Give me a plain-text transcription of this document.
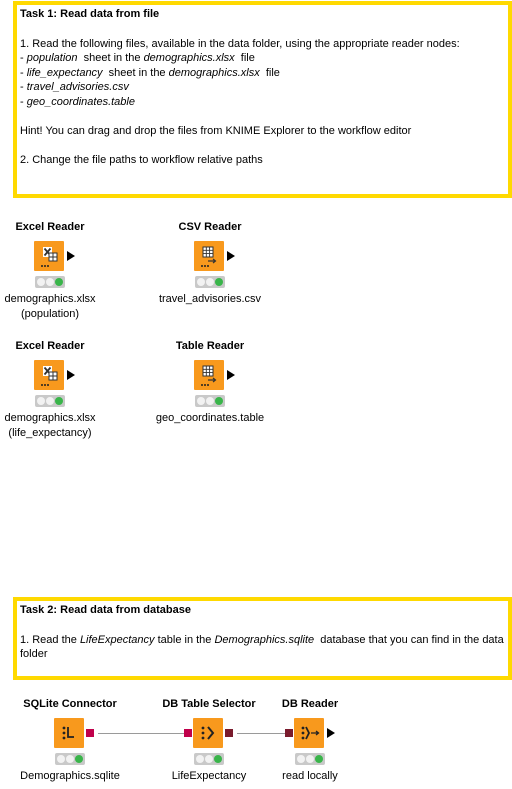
Task 1: Read data from file
1. Read the following files, available in the data folder, using the appropriate reader nodes:
- population  sheet in the demographics.xlsx  file
- life_expectancy  sheet in the demographics.xlsx  file
- travel_advisories.csv
- geo_coordinates.table
Hint! You can drag and drop the files from KNIME Explorer to the workflow editor
2. Change the file paths to workflow relative paths
Excel Reader
demographics.xlsx
(population)
CSV Reader
travel_advisories.csv
Excel Reader
demographics.xlsx
(life_expectancy)
Table Reader
geo_coordinates.table
Task 2: Read data from database
1. Read the LifeExpectancy table in the Demographics.sqlite  database that you can find in the data folder
SQLite Connector
Demographics.sqlite
DB Table Selector
LifeExpectancy
DB Reader
read locally
